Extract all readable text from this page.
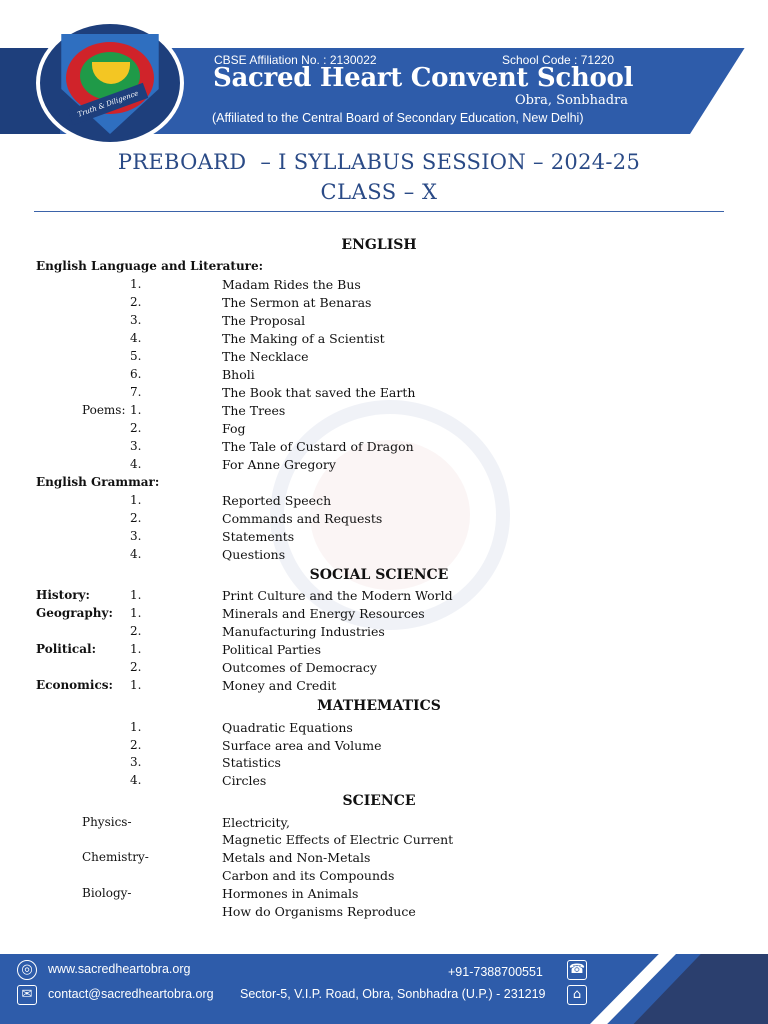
Truth & Diligence
CBSE Affiliation No. : 2130022	School Code : 71220
Sacred Heart Convent School
Obra, Sonbhadra
(Affiliated to the Central Board of Secondary Education, New Delhi)
PREBOARD  – I SYLLABUS SESSION – 2024-25
CLASS – X
ENGLISH
English Language and Literature:
1.	Madam Rides the Bus
2.	The Sermon at Benaras
3.	The Proposal
4.	The Making of a Scientist
5.	The Necklace
6.	Bholi
7.	The Book that saved the Earth
Poems: 1.	The Trees
2.	Fog
3.	The Tale of Custard of Dragon
4.	For Anne Gregory
English Grammar:
1.	Reported Speech
2.	Commands and Requests
3.	Statements
4.	Questions
SOCIAL SCIENCE
History:	1.	Print Culture and the Modern World
Geography: 1.	Minerals and Energy Resources
2.	Manufacturing Industries
Political:	1.	Political Parties
2.	Outcomes of Democracy
Economics: 1.	Money and Credit
MATHEMATICS
1.	Quadratic Equations
2.	Surface area and Volume
3.	Statistics
4.	Circles
SCIENCE
Physics-	Electricity,
Magnetic Effects of Electric Current
Chemistry-	Metals and Non-Metals
Carbon and its Compounds
Biology-	Hormones in Animals
How do Organisms Reproduce
◎	www.sacredheartobra.org
✉	contact@sacredheartobra.org Sector-5, V.I.P. Road, Obra, Sonbhadra (U.P.) - 231219
+91-7388700551 ☎
⌂
